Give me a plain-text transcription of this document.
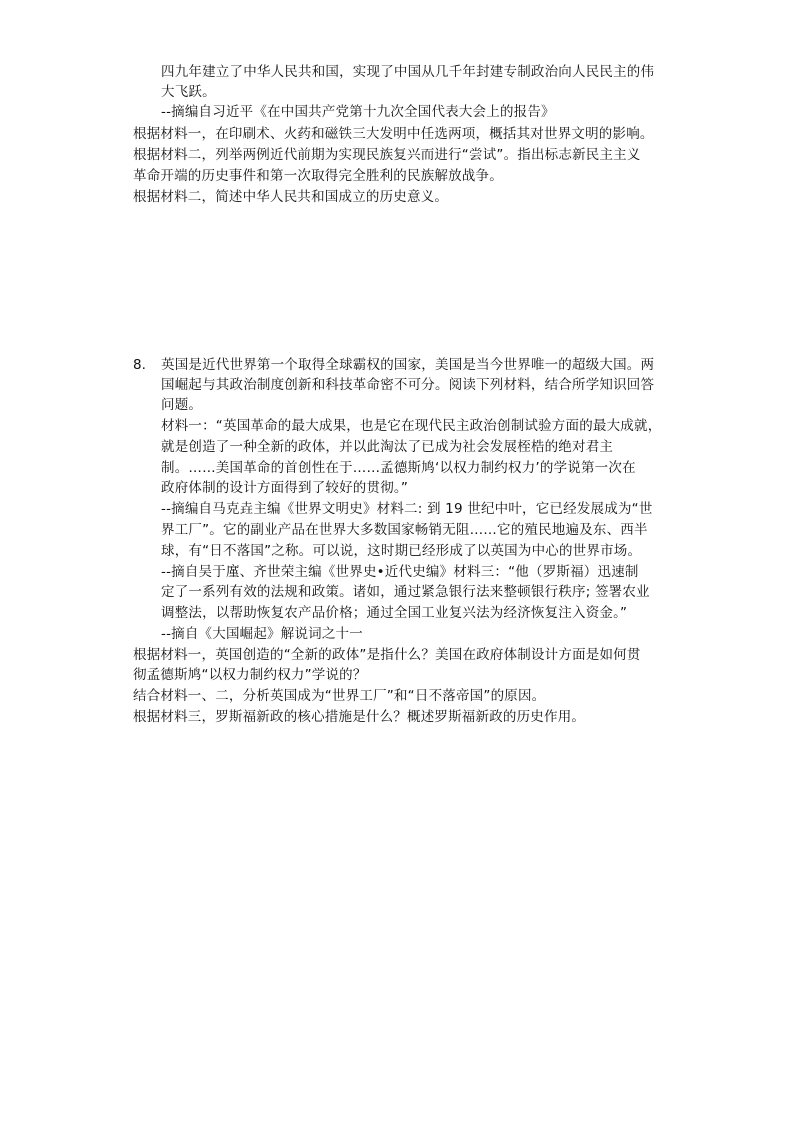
四九年建立了中华人民共和国，实现了中国从几千年封建专制政治向人民民主的伟
大飞跃。
--摘编自习近平《在中国共产党第十九次全国代表大会上的报告》
根据材料一，在印刷术、火药和磁铁三大发明中任选两项，概括其对世界文明的影响。
根据材料二，列举两例近代前期为实现民族复兴而进行“尝试”。指出标志新民主主义
革命开端的历史事件和第一次取得完全胜利的民族解放战争。
根据材料二，简述中华人民共和国成立的历史意义。
8. 英国是近代世界第一个取得全球霸权的国家，美国是当今世界唯一的超级大国。两
国崛起与其政治制度创新和科技革命密不可分。阅读下列材料，结合所学知识回答
问题。
材料一：“英国革命的最大成果，也是它在现代民主政治创制试验方面的最大成就，
就是创造了一种全新的政体，并以此淘汰了已成为社会发展桎梏的绝对君主
制。……美国革命的首创性在于……孟德斯鸠‘以权力制约权力’的学说第一次在
政府体制的设计方面得到了较好的贯彻。”
--摘编自马克垚主编《世界文明史》材料二: 到 19 世纪中叶，它已经发展成为“世
界工厂”。它的副业产品在世界大多数国家畅销无阻……它的殖民地遍及东、西半
球，有“日不落国”之称。可以说，这时期已经形成了以英国为中心的世界市场。
--摘自吴于廑、齐世荣主编《世界史•近代史编》材料三：“他（罗斯福）迅速制
定了一系列有效的法规和政策。诸如，通过紧急银行法来整顿银行秩序; 签署农业
调整法，以帮助恢复农产品价格；通过全国工业复兴法为经济恢复注入资金。”
--摘自《大国崛起》解说词之十一
根据材料一，英国创造的“全新的政体”是指什么？美国在政府体制设计方面是如何贯
彻孟德斯鸠“以权力制约权力”学说的？
结合材料一、二，分析英国成为“世界工厂”和“日不落帝国”的原因。
根据材料三，罗斯福新政的核心措施是什么？概述罗斯福新政的历史作用。
